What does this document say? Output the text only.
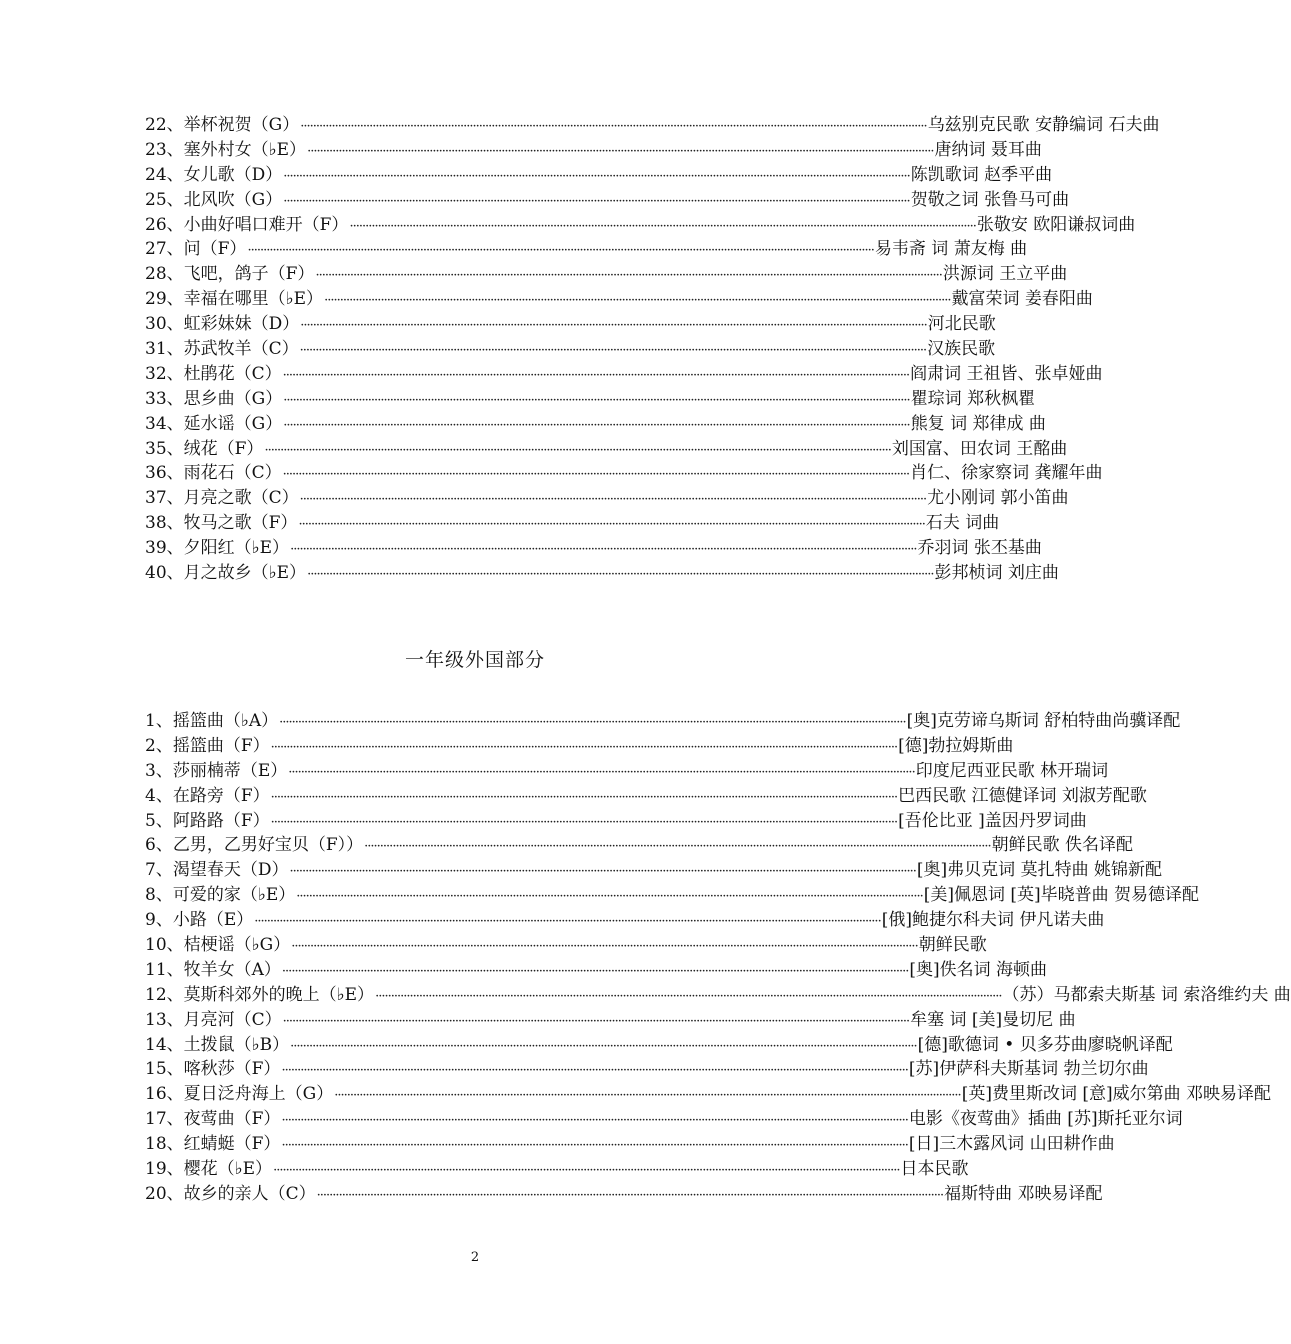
22、举杯祝贺（G） ········································································································································································································ 乌兹别克民歌 安静编词 石夫曲
23、塞外村女（♭E） ········································································································································································································ 唐纳词 聂耳曲
24、女儿歌（D） ········································································································································································································ 陈凯歌词 赵季平曲
25、北风吹（G） ········································································································································································································ 贺敬之词 张鲁马可曲
26、小曲好唱口难开（F） ········································································································································································································ 张敬安 欧阳谦叔词曲
27、问（F） ········································································································································································································ 易韦斋 词 萧友梅 曲
28、飞吧，鸽子（F） ········································································································································································································ 洪源词 王立平曲
29、幸福在哪里（♭E） ········································································································································································································ 戴富荣词 姜春阳曲
30、虹彩妹妹（D） ········································································································································································································ 河北民歌
31、苏武牧羊（C） ········································································································································································································ 汉族民歌
32、杜鹃花（C） ········································································································································································································ 阎肃词 王祖皆、张卓娅曲
33、思乡曲（G） ········································································································································································································ 瞿琮词 郑秋枫瞿
34、延水谣（G） ········································································································································································································ 熊复 词 郑律成 曲
35、绒花（F） ········································································································································································································ 刘国富、田农词 王酩曲
36、雨花石（C） ········································································································································································································ 肖仁、徐家察词 龚耀年曲
37、月亮之歌（C） ········································································································································································································ 尤小刚词 郭小笛曲
38、牧马之歌（F） ········································································································································································································ 石夫 词曲
39、夕阳红（♭E） ········································································································································································································ 乔羽词 张丕基曲
40、月之故乡（♭E） ········································································································································································································ 彭邦桢词 刘庄曲
一年级外国部分
1、摇篮曲（♭A） ········································································································································································································ [奥]克劳谛乌斯词 舒柏特曲尚骥译配
2、摇篮曲（F） ········································································································································································································ [德]勃拉姆斯曲
3、莎丽楠蒂（E） ········································································································································································································ 印度尼西亚民歌 林开瑞词
4、在路旁（F） ········································································································································································································ 巴西民歌 江德健译词 刘淑芳配歌
5、阿路路（F） ········································································································································································································ [吾伦比亚 ]盖因丹罗词曲
6、乙男，乙男好宝贝（F）） ········································································································································································································ 朝鲜民歌 佚名译配
7、渴望春天（D） ········································································································································································································ [奥]弗贝克词 莫扎特曲 姚锦新配
8、可爱的家（♭E） ········································································································································································································ [美]佩恩词 [英]毕晓普曲 贺易德译配
9、小路（E） ········································································································································································································ [俄]鲍捷尔科夫词 伊凡诺夫曲
10、桔梗谣（♭G） ········································································································································································································ 朝鲜民歌
11、牧羊女（A） ········································································································································································································ [奥]佚名词 海顿曲
12、莫斯科郊外的晚上（♭E） ········································································································································································································ （苏）马都索夫斯基 词 索洛维约夫 曲
13、月亮河（C） ········································································································································································································ 牟塞 词 [美]曼切尼 曲
14、土拨鼠（♭B） ········································································································································································································ [德]歌德词 • 贝多芬曲廖晓帆译配
15、喀秋莎（F） ········································································································································································································ [苏]伊萨科夫斯基词 勃兰切尔曲
16、夏日泛舟海上（G） ········································································································································································································ [英]费里斯改词 [意]威尔第曲 邓映易译配
17、夜莺曲（F） ········································································································································································································ 电影《夜莺曲》插曲 [苏]斯托亚尔词
18、红蜻蜓（F） ········································································································································································································ [日]三木露风词 山田耕作曲
19、樱花（♭E） ········································································································································································································ 日本民歌
20、故乡的亲人（C） ········································································································································································································ 福斯特曲 邓映易译配
2
